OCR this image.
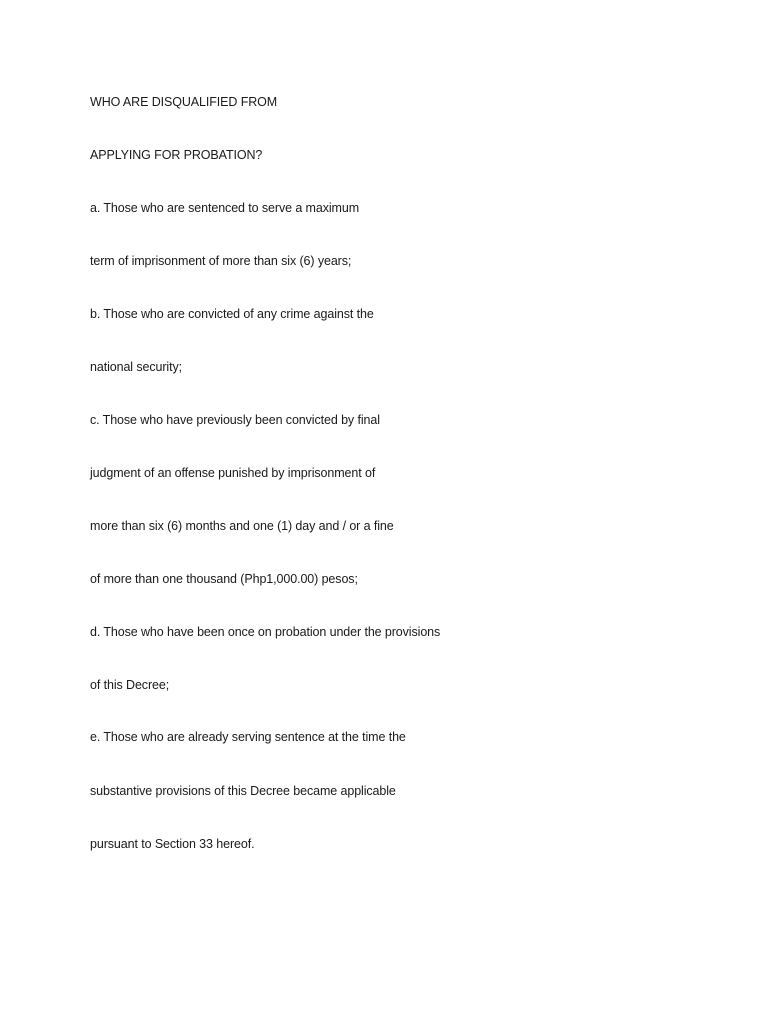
WHO ARE DISQUALIFIED FROM
APPLYING FOR PROBATION?
a. Those who are sentenced to serve a maximum
term of imprisonment of more than six (6) years;
b. Those who are convicted of any crime against the
national security;
c. Those who have previously been convicted by final
judgment of an offense punished by imprisonment of
more than six (6) months and one (1) day and / or a fine
of more than one thousand (Php1,000.00) pesos;
d. Those who have been once on probation under the provisions
of this Decree;
e. Those who are already serving sentence at the time the
substantive provisions of this Decree became applicable
pursuant to Section 33 hereof.
